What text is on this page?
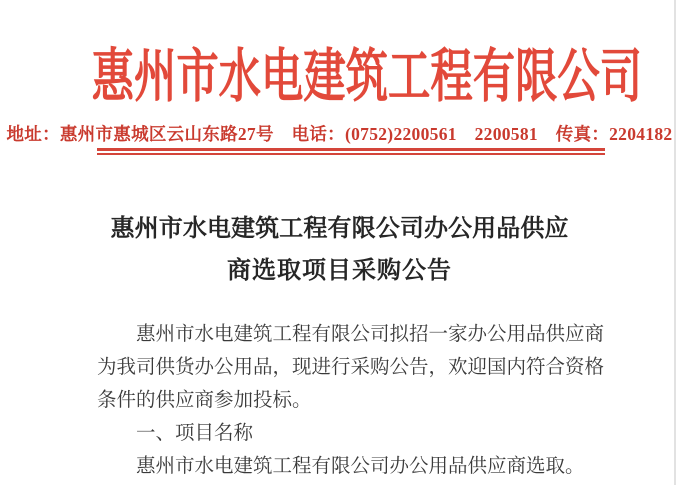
惠州市水电建筑工程有限公司
地址：惠州市惠城区云山东路27号　电话：(0752)2200561　2200581　传真：2204182
惠州市水电建筑工程有限公司办公用品供应
商选取项目采购公告
惠州市水电建筑工程有限公司拟招一家办公用品供应商
为我司供货办公用品，现进行采购公告，欢迎国内符合资格
条件的供应商参加投标。
一、项目名称
惠州市水电建筑工程有限公司办公用品供应商选取。
